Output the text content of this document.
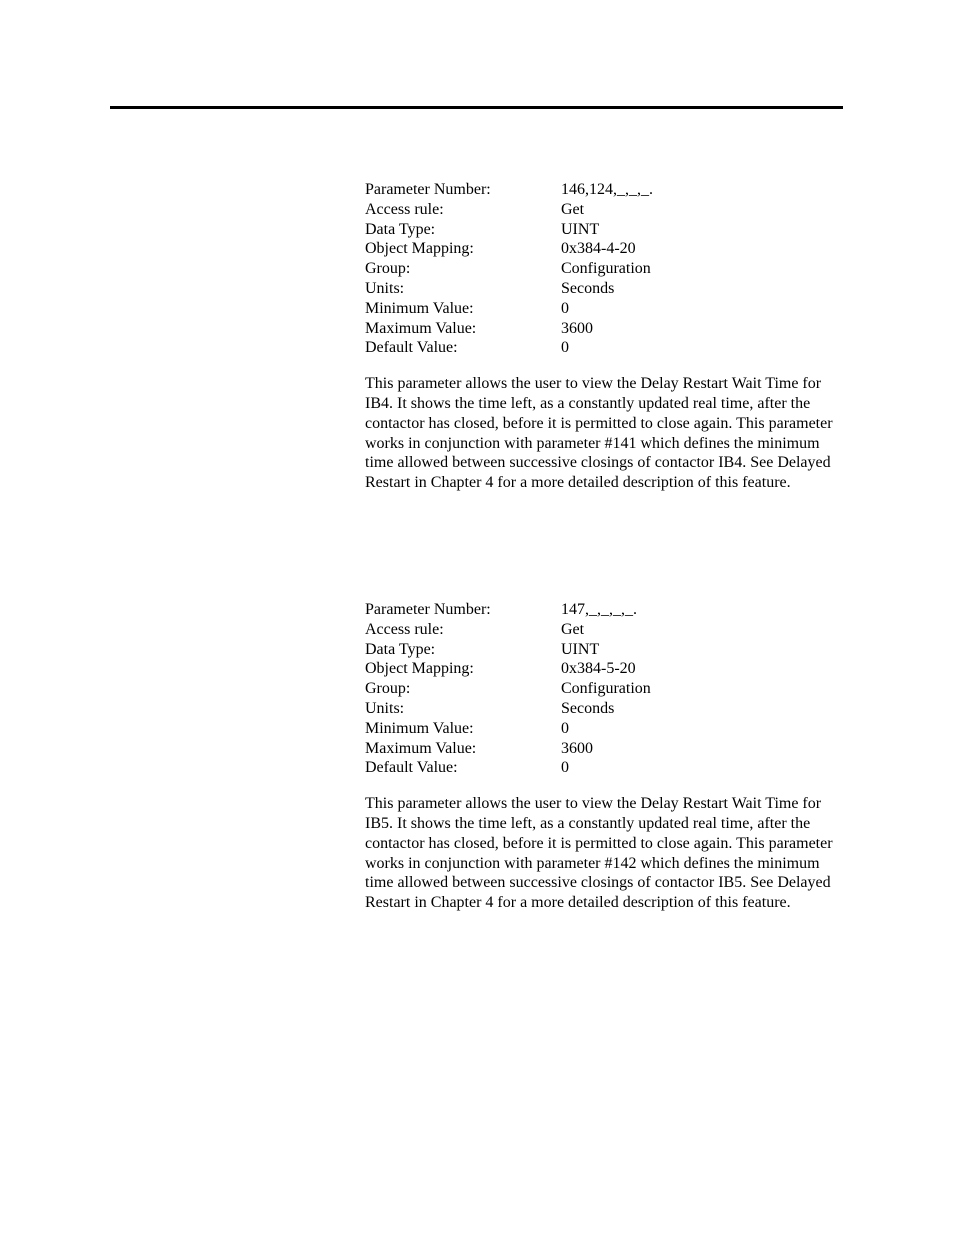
Parameter Number:	146,124,_,_,_.
Access rule:	Get
Data Type:	UINT
Object Mapping:	0x384-4-20
Group:	Configuration
Units:	Seconds
Minimum Value:	0
Maximum Value:	3600
Default Value:	0

This parameter allows the user to view the Delay Restart Wait Time for IB4. It shows the time left, as a constantly updated real time, after the contactor has closed, before it is permitted to close again. This parameter works in conjunction with parameter #141 which defines the minimum time allowed between successive closings of contactor IB4. See Delayed Restart in Chapter 4 for a more detailed description of this feature.

Parameter Number:	147,_,_,_,_.
Access rule:	Get
Data Type:	UINT
Object Mapping:	0x384-5-20
Group:	Configuration
Units:	Seconds
Minimum Value:	0
Maximum Value:	3600
Default Value:	0

This parameter allows the user to view the Delay Restart Wait Time for IB5. It shows the time left, as a constantly updated real time, after the contactor has closed, before it is permitted to close again. This parameter works in conjunction with parameter #142 which defines the minimum time allowed between successive closings of contactor IB5. See Delayed Restart in Chapter 4 for a more detailed description of this feature.
